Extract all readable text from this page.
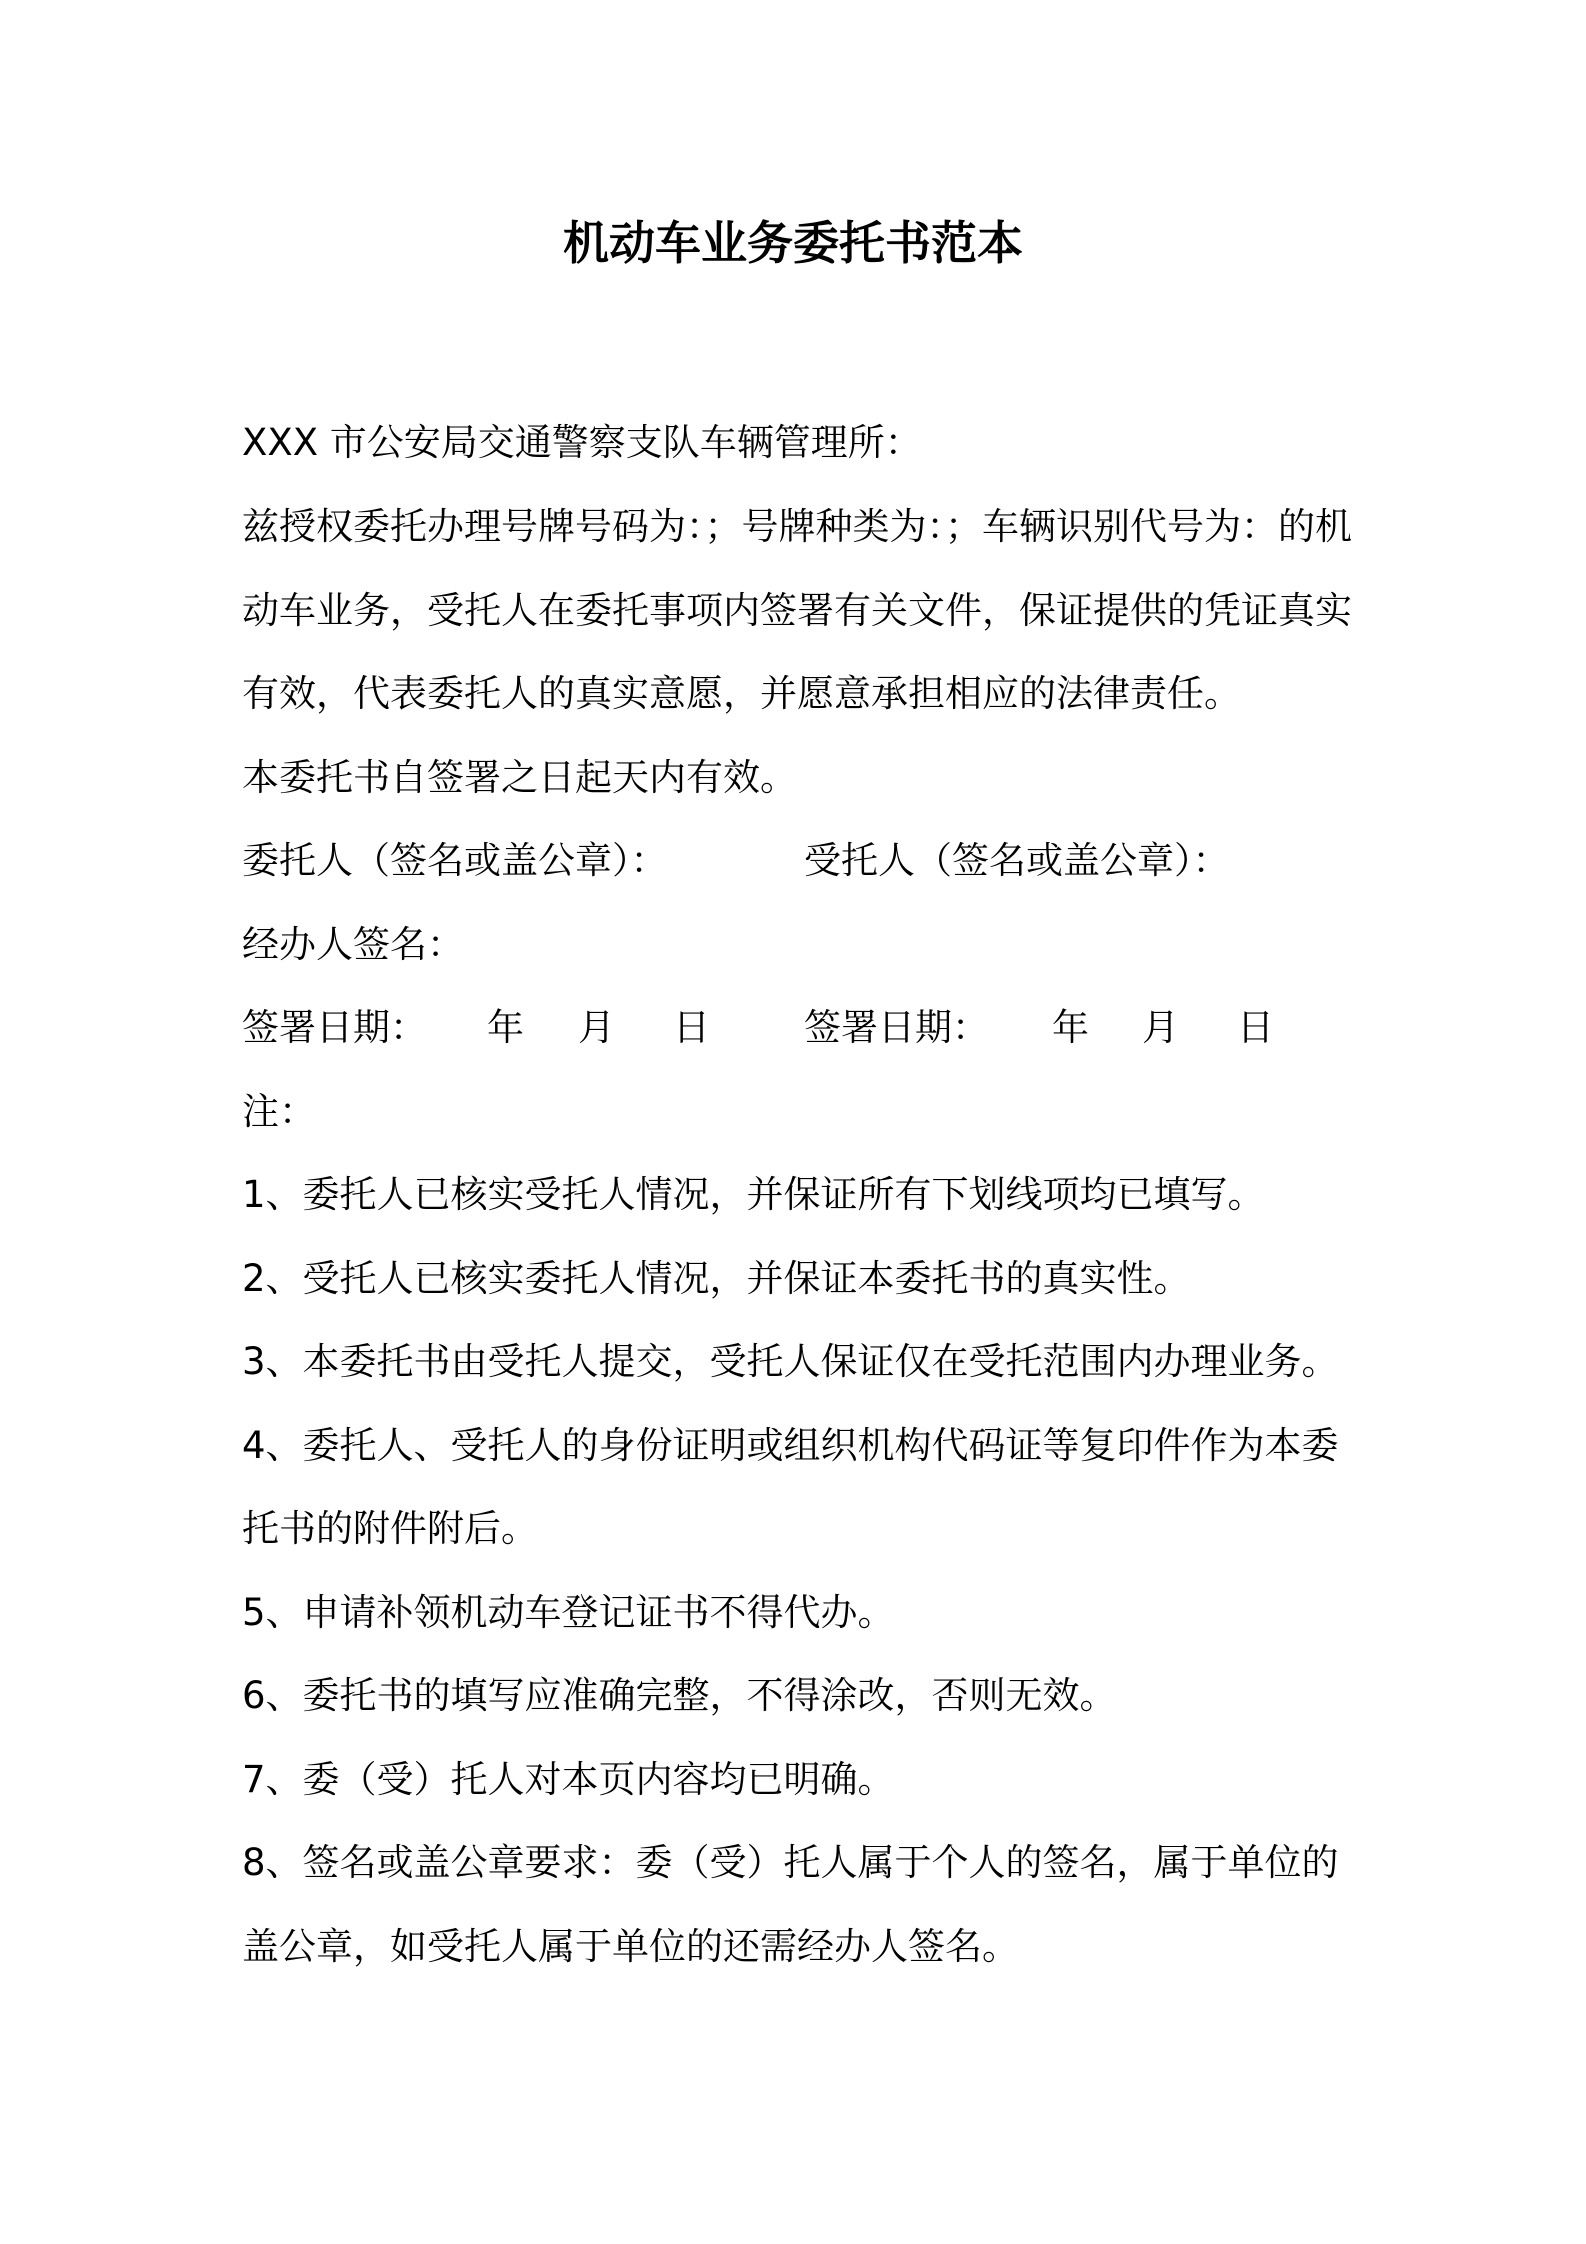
机动车业务委托书范本
XXX 市公安局交通警察支队车辆管理所：
兹授权委托办理号牌号码为：；号牌种类为：；车辆识别代号为：的机
动车业务，受托人在委托事项内签署有关文件，保证提供的凭证真实
有效，代表委托人的真实意愿，并愿意承担相应的法律责任。
本委托书自签署之日起天内有效。
委托人（签名或盖公章）：	受托人（签名或盖公章）：
经办人签名：
签署日期： 年 月 日	签署日期： 年 月 日
注：
1、委托人已核实受托人情况，并保证所有下划线项均已填写。
2、受托人已核实委托人情况，并保证本委托书的真实性。
3、本委托书由受托人提交，受托人保证仅在受托范围内办理业务。
4、委托人、受托人的身份证明或组织机构代码证等复印件作为本委
托书的附件附后。
5、申请补领机动车登记证书不得代办。
6、委托书的填写应准确完整，不得涂改，否则无效。
7、委（受）托人对本页内容均已明确。
8、签名或盖公章要求：委（受）托人属于个人的签名，属于单位的
盖公章，如受托人属于单位的还需经办人签名。
